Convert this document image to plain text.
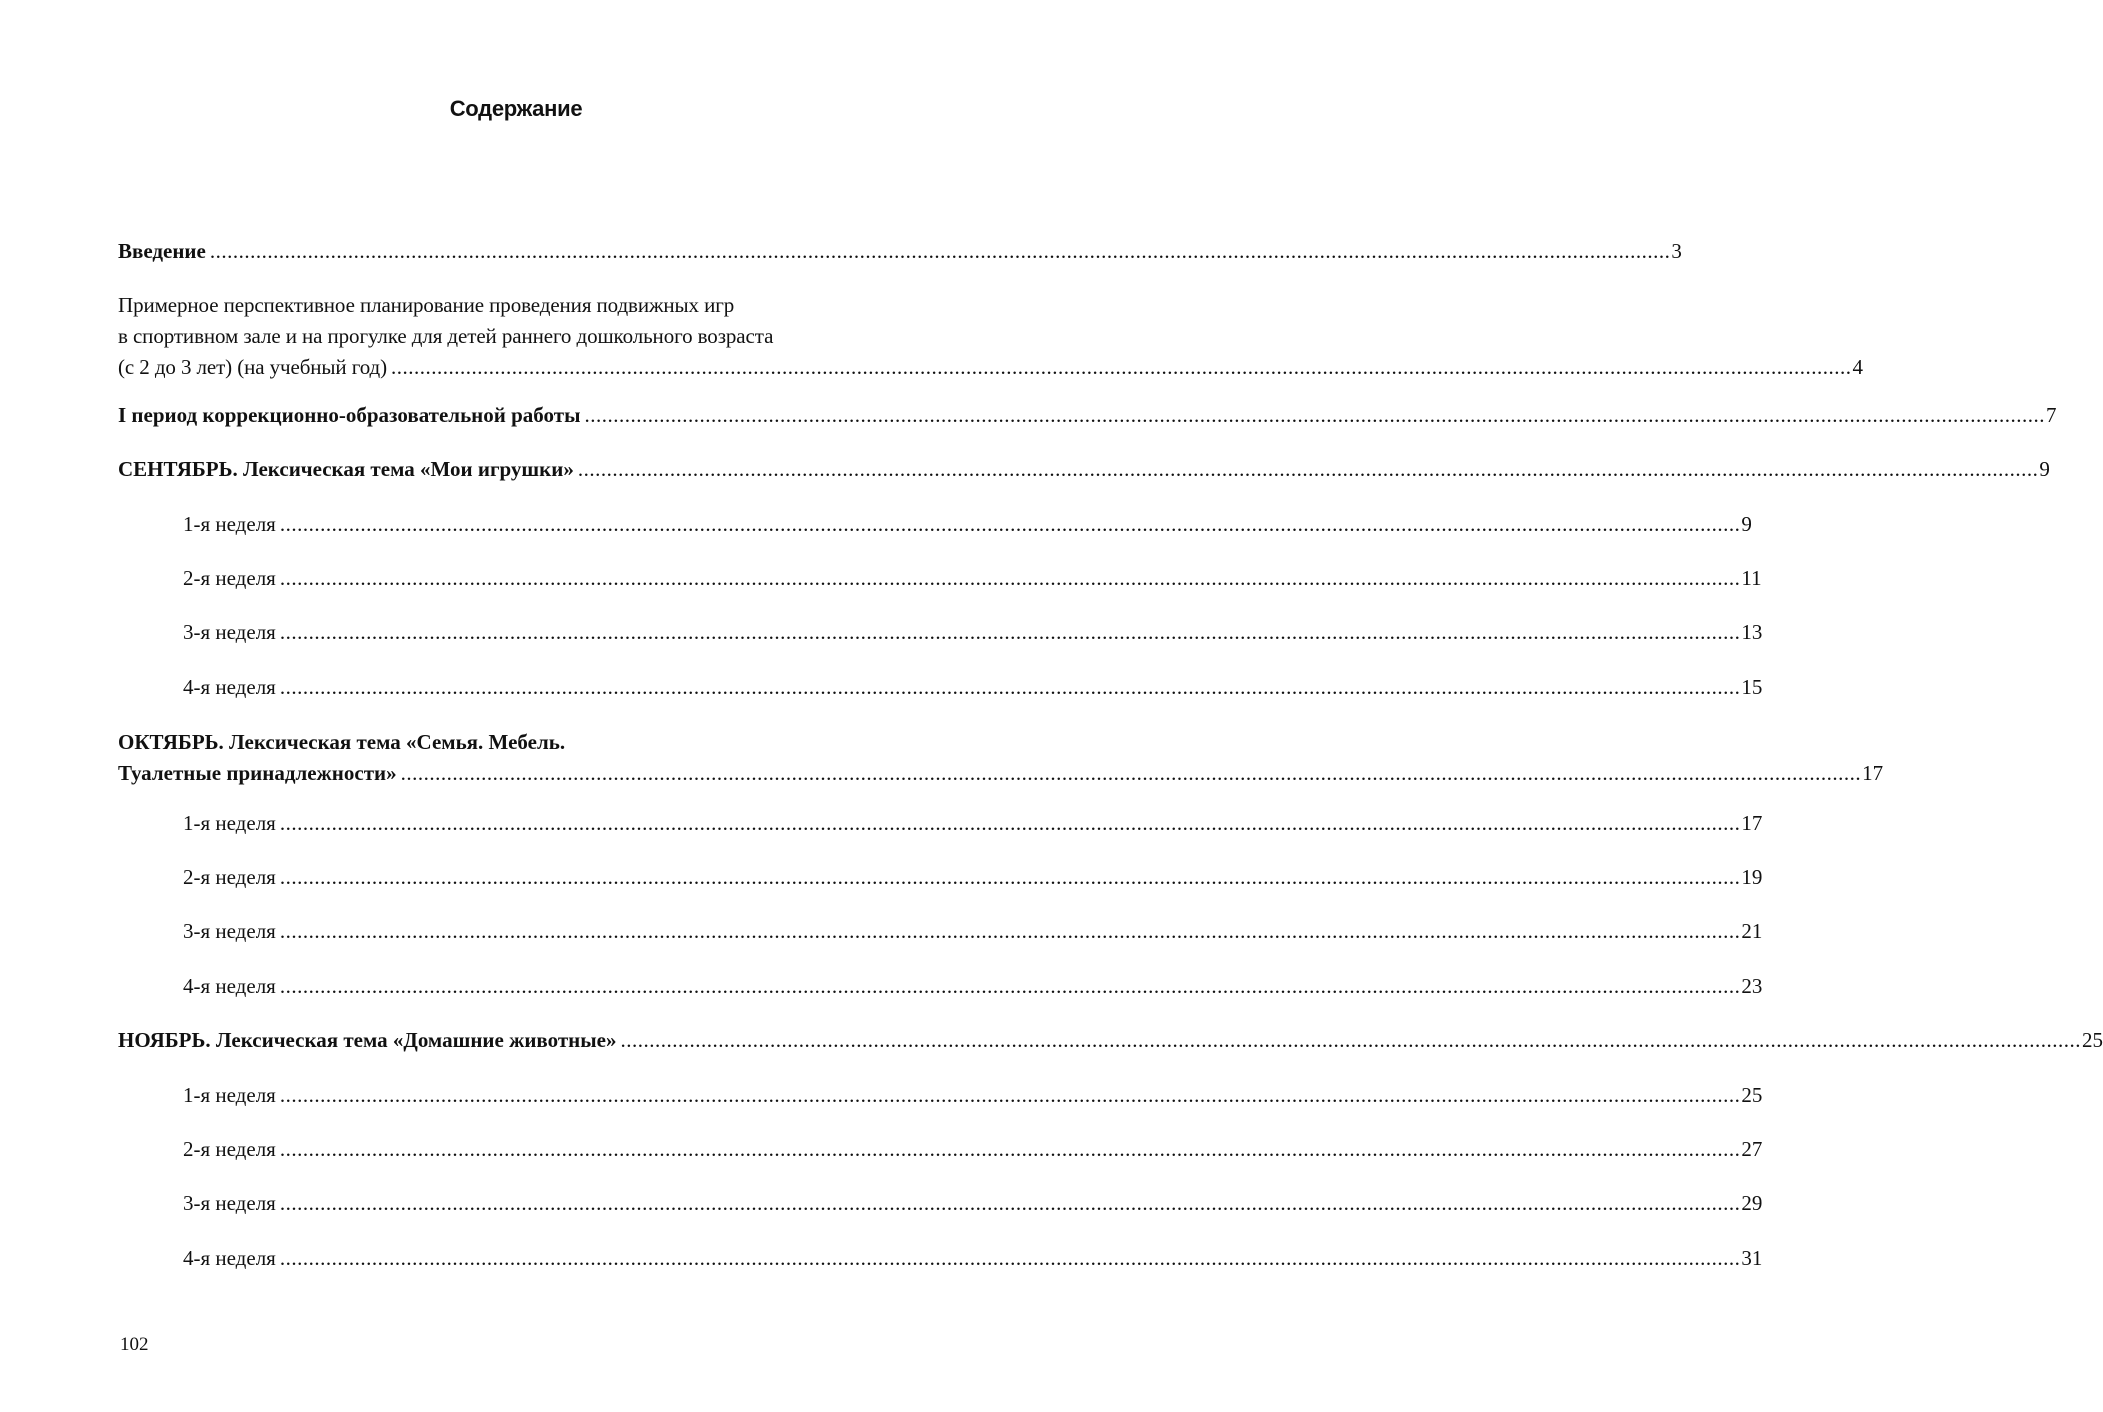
Содержание
Введение .............................................................................................................................................................................................................................................................. 3
Примерное перспективное планирование проведения подвижных игр
в спортивном зале и на прогулке для детей раннего дошкольного возраста
(с 2 до 3 лет) (на учебный год) .............................................................................................................................................................................................................................................................. 4
I период коррекционно-образовательной работы .............................................................................................................................................................................................................................................................. 7
СЕНТЯБРЬ. Лексическая тема «Мои игрушки» .............................................................................................................................................................................................................................................................. 9
1-я неделя .............................................................................................................................................................................................................................................................. 9
2-я неделя .............................................................................................................................................................................................................................................................. 11
3-я неделя .............................................................................................................................................................................................................................................................. 13
4-я неделя .............................................................................................................................................................................................................................................................. 15
ОКТЯБРЬ. Лексическая тема «Семья. Мебель.
Туалетные принадлежности» .............................................................................................................................................................................................................................................................. 17
1-я неделя .............................................................................................................................................................................................................................................................. 17
2-я неделя .............................................................................................................................................................................................................................................................. 19
3-я неделя .............................................................................................................................................................................................................................................................. 21
4-я неделя .............................................................................................................................................................................................................................................................. 23
НОЯБРЬ. Лексическая тема «Домашние животные» .............................................................................................................................................................................................................................................................. 25
1-я неделя .............................................................................................................................................................................................................................................................. 25
2-я неделя .............................................................................................................................................................................................................................................................. 27
3-я неделя .............................................................................................................................................................................................................................................................. 29
4-я неделя .............................................................................................................................................................................................................................................................. 31
102
